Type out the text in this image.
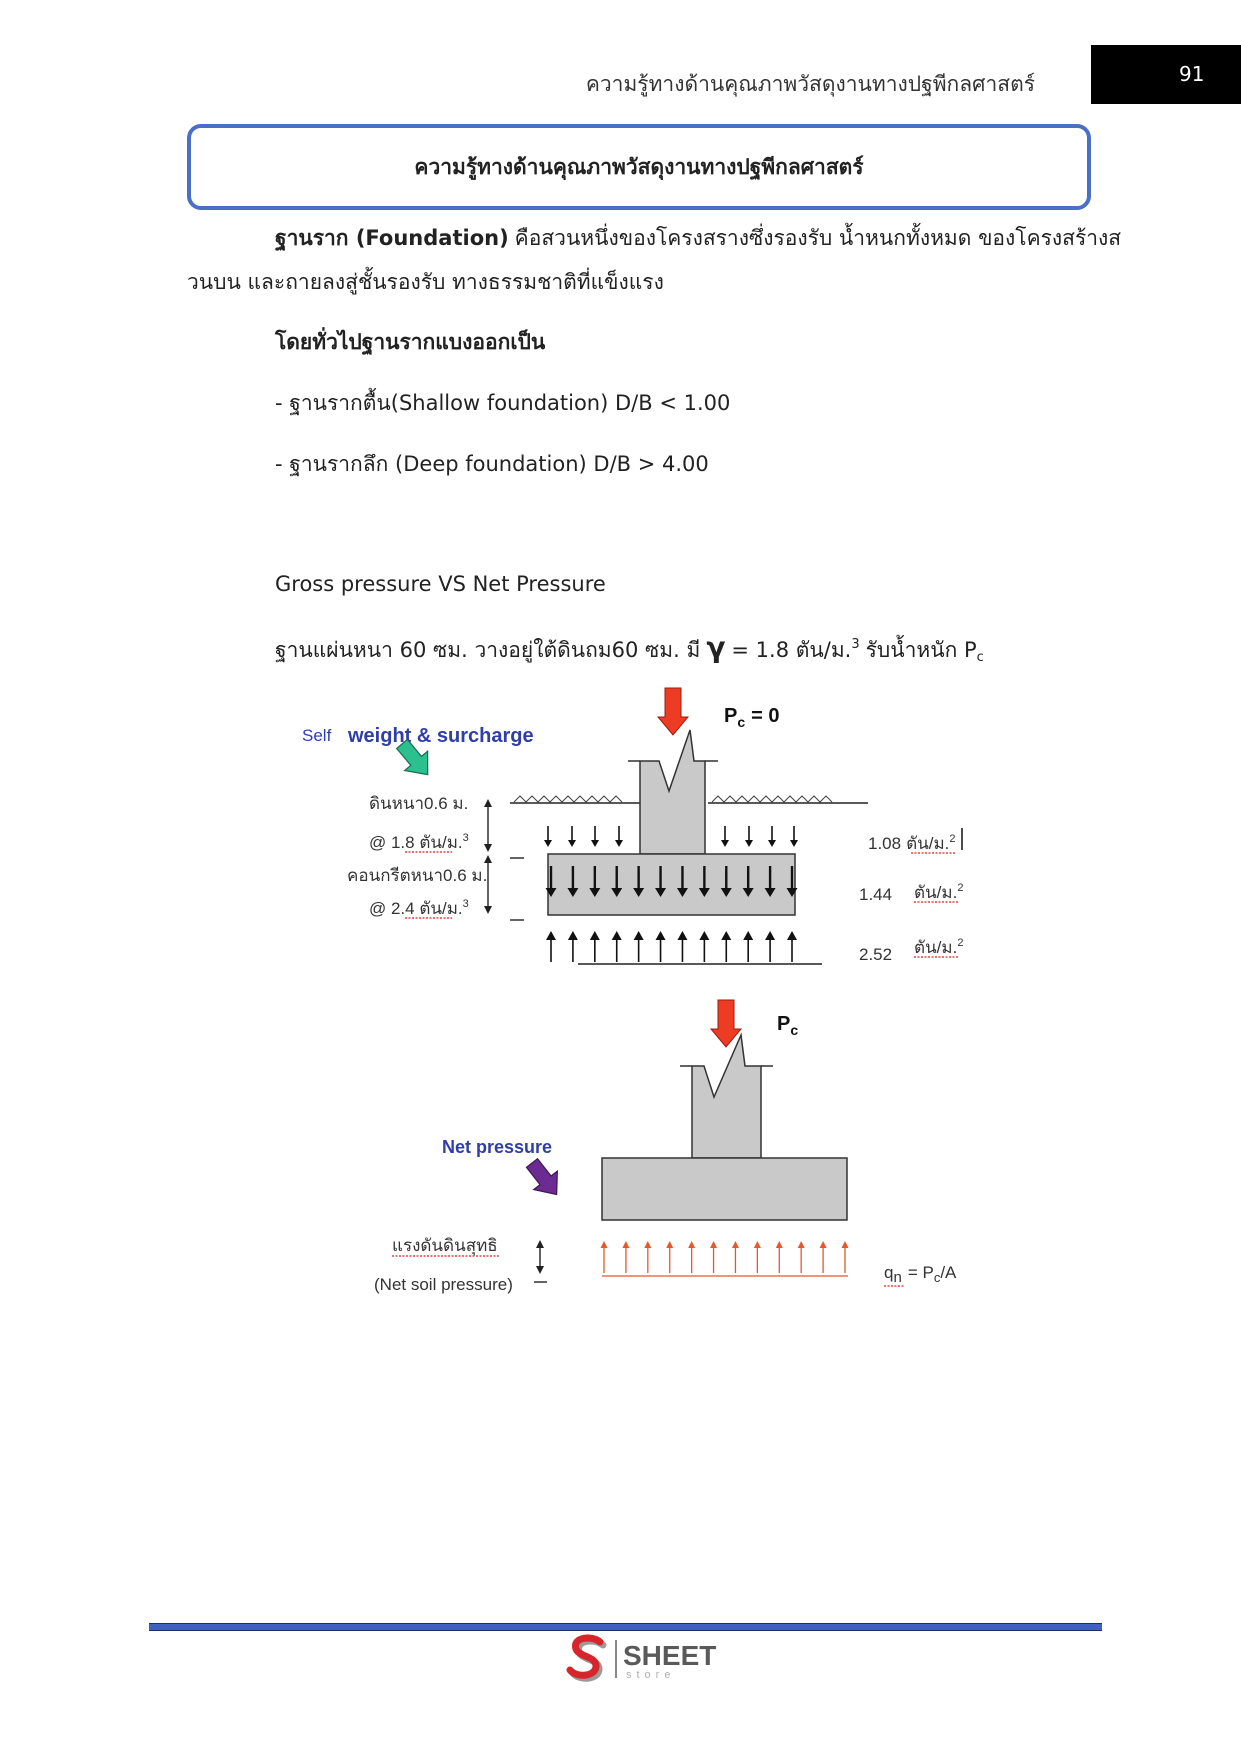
ความรู้ทางด้านคุณภาพวัสดุงานทางปฐพีกลศาสตร์	91
ความรู้ทางด้านคุณภาพวัสดุงานทางปฐพีกลศาสตร์
ฐานราก (Foundation) คือสวนหนึ่งของโครงสรางซึ่งรองรับ น้ำหนกทั้งหมด ของโครงสร้างส
วนบน และถายลงสู่ชั้นรองรับ ทางธรรมชาติที่แข็งแรง
โดยทั่วไปฐานรากแบงออกเป็น
- ฐานรากตื้น(Shallow foundation) D/B < 1.00
- ฐานรากลึก (Deep foundation) D/B > 4.00
Gross pressure VS Net Pressure
ฐานแผ่นหนา 60 ซม. วางอยู่ใต้ดินถม60 ซม. มี γ = 1.8 ตัน/ม.$^3$ รับน้ำหนัก $P_c$
$P_c = 0$
Self weight & surcharge
ดินหนา0.6 ม.
@ 1.8 ตัน/ม.$^3$
คอนกรีตหนา0.6 ม.
@ 2.4 ตัน/ม.$^3$
1.08 ตัน/ม.$^2$
1.44 ตัน/ม.$^2$
2.52 ตัน/ม.$^2$
$P_c$
Net pressure
แรงดันดินสุทธิ
(Net soil pressure)
qn = $P_c/A$
SHEET
store
